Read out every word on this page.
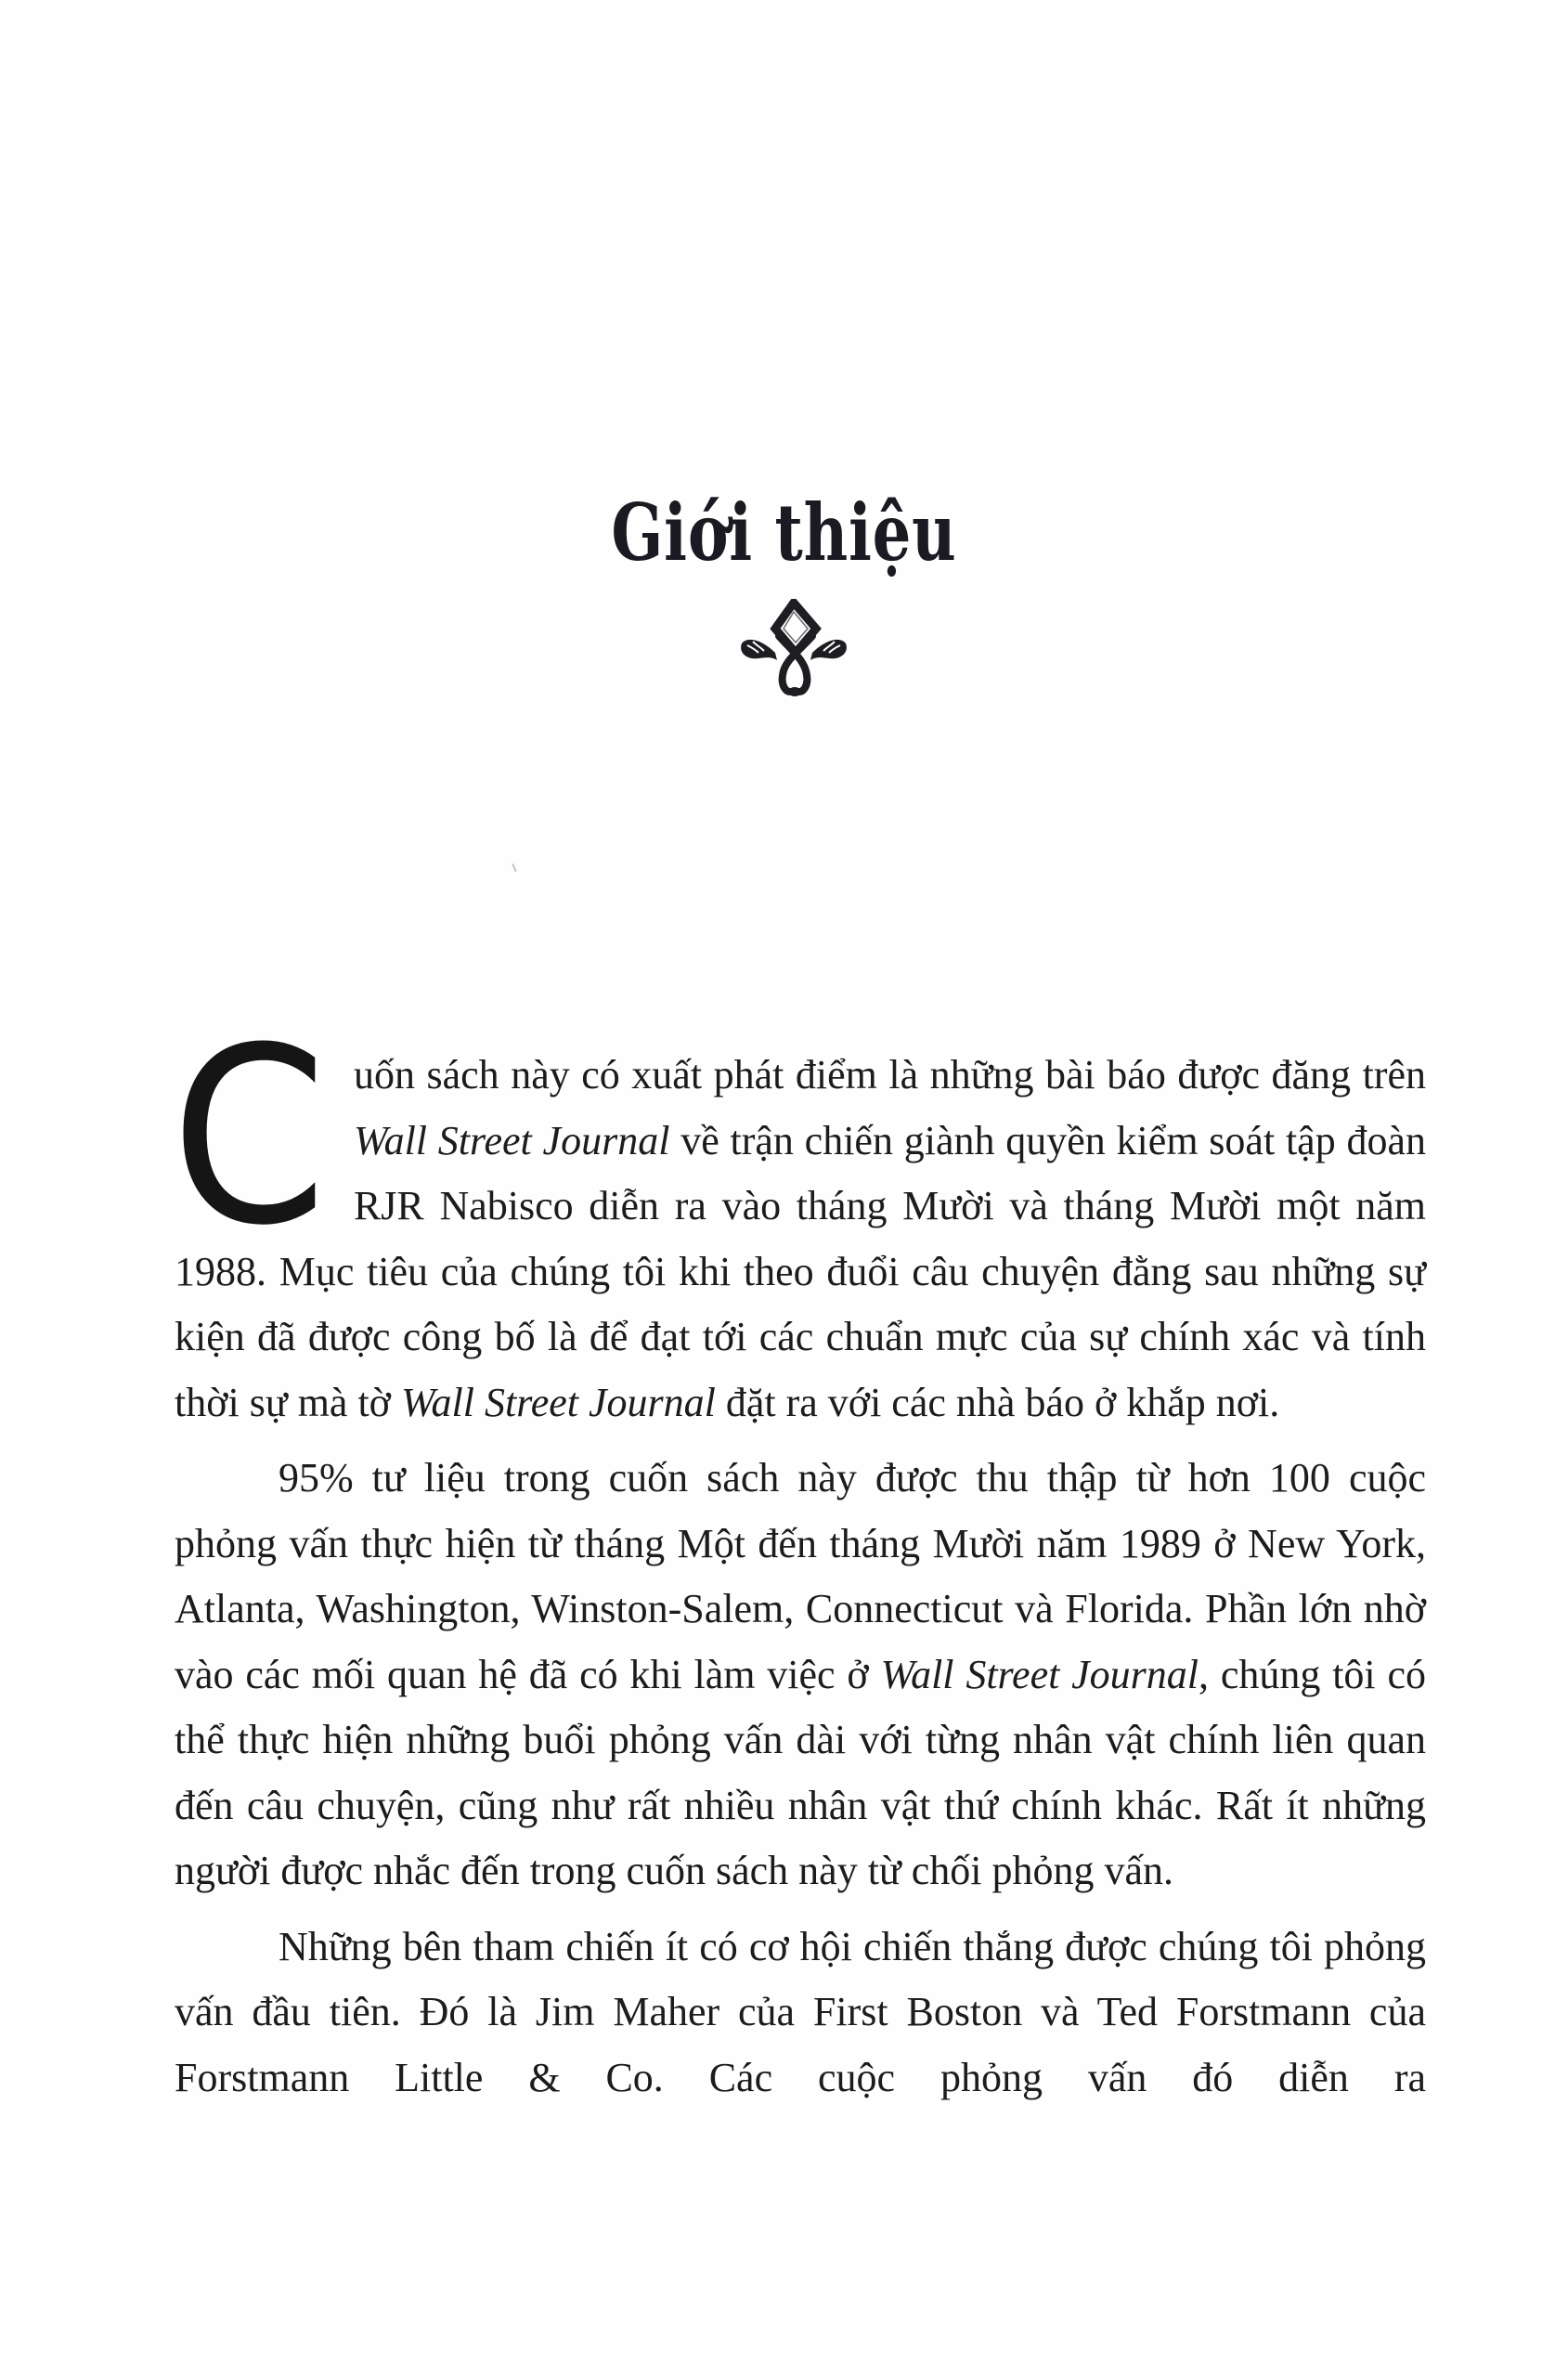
Giới thiệu

Cuốn sách này có xuất phát điểm là những bài báo được đăng trên Wall Street Journal về trận chiến giành quyền kiểm soát tập đoàn RJR Nabisco diễn ra vào tháng Mười và tháng Mười một năm 1988. Mục tiêu của chúng tôi khi theo đuổi câu chuyện đằng sau những sự kiện đã được công bố là để đạt tới các chuẩn mực của sự chính xác và tính thời sự mà tờ Wall Street Journal đặt ra với các nhà báo ở khắp nơi.

95% tư liệu trong cuốn sách này được thu thập từ hơn 100 cuộc phỏng vấn thực hiện từ tháng Một đến tháng Mười năm 1989 ở New York, Atlanta, Washington, Winston-Salem, Connecticut và Florida. Phần lớn nhờ vào các mối quan hệ đã có khi làm việc ở Wall Street Journal, chúng tôi có thể thực hiện những buổi phỏng vấn dài với từng nhân vật chính liên quan đến câu chuyện, cũng như rất nhiều nhân vật thứ chính khác. Rất ít những người được nhắc đến trong cuốn sách này từ chối phỏng vấn.

Những bên tham chiến ít có cơ hội chiến thắng được chúng tôi phỏng vấn đầu tiên. Đó là Jim Maher của First Boston và Ted Forstmann của Forstmann Little & Co. Các cuộc phỏng vấn đó diễn ra
